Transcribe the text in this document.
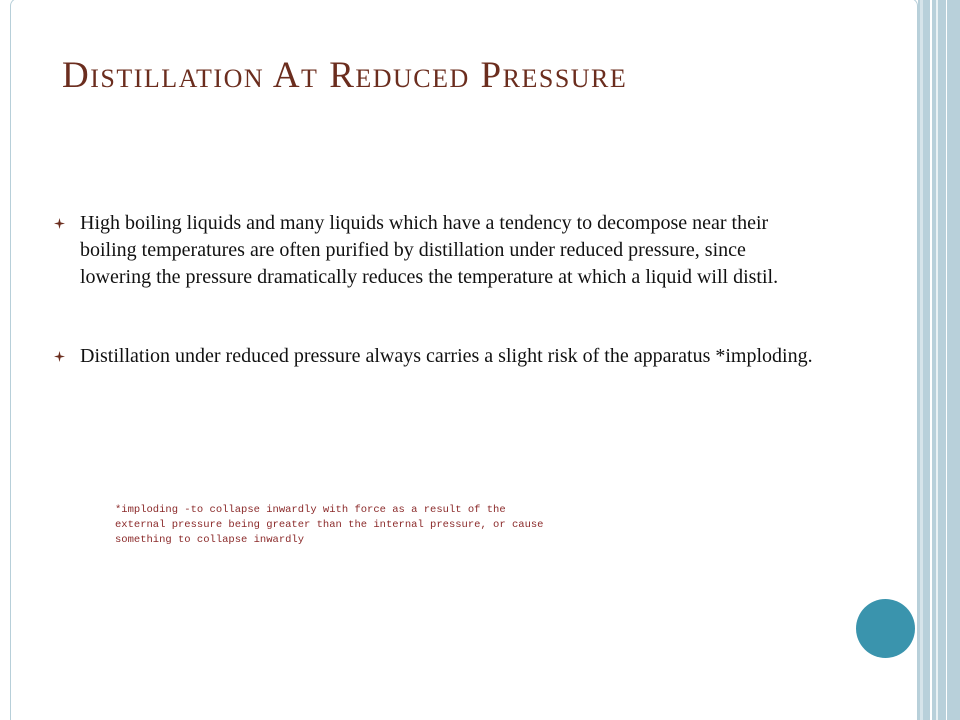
Distillation At Reduced Pressure
High boiling liquids and many liquids which have a tendency to decompose near their boiling temperatures are often purified by distillation under reduced pressure, since lowering the pressure dramatically reduces the temperature at which a liquid will distil.
Distillation under reduced pressure always carries a slight risk of the apparatus *imploding.

*imploding -to collapse inwardly with force as a result of the external pressure being greater than the internal pressure, or cause something to collapse inwardly
